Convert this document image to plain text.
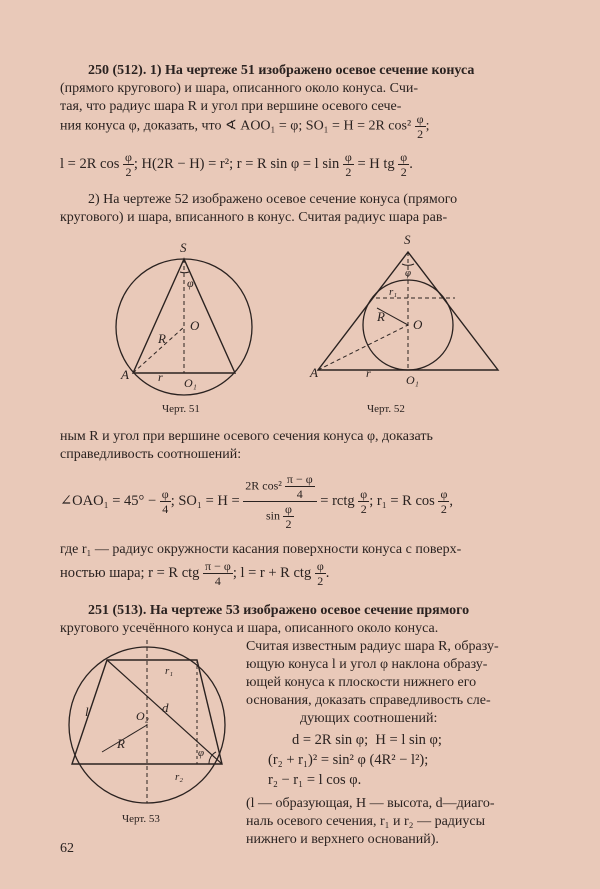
250 (512). 1) На чертеже 51 изображено осевое сечение конуса
(прямого кругового) и шара, описанного около конуса. Счи-
тая, что радиус шара R и угол при вершине осевого сече-
ния конуса φ, доказать, что ∢ AOO₁ = φ; SO₁ = H = 2R $\cos^2 \frac{\varphi}{2}$ ;
l = 2R $\cos \frac{\varphi}{2}$ ; H(2R − H) = r²; r = R sin φ = l $\sin \frac{\varphi}{2} = H$ tg $\frac{\varphi}{2}$ .
2) На чертеже 52 изображено осевое сечение конуса (прямого
кругового) и шара, вписанного в конус. Считая радиус шара рав-
S
φ
O
R
r
A
O₁
Черт. 51
S
φ
r₁
O
R
r
A	O₁
Черт. 52
ным R и угол при вершине осевого сечения конуса φ, доказать
справедливость соотношений:
∠OAO₁ = $45^\circ - \frac{\varphi}{4}$ ; $SO_1 = H = \frac{2R \cos^2 \frac{\pi - \varphi}{4}}{\sin \frac{\varphi}{2}}$ = rctg $\frac{\varphi}{2}$ ; r₁ = R $\cos \frac{\varphi}{2}$ ,
где r₁ — радиус окружности касания поверхности конуса с поверх-
ностью шара; r = R ctg $\frac{\pi - \varphi}{4}$ ; l = r + R ctg $\frac{\varphi}{2}$ .
251 (513). На чертеже 53 изображено осевое сечение прямого
кругового усечённого конуса и шара, описанного около конуса.
Считая известным радиус шара R, образу-
ющую конуса l и угол φ наклона образу-
ющей конуса к плоскости нижнего его
основания, доказать справедливость сле-
дующих соотношений:
d = 2R sin φ;  H = l sin φ;
(r₂ + r₁)² = sin² φ (4R² − l²);
r₂ − r₁ = l cos φ.
(l — образующая, H — высота, d—диаго-
наль осевого сечения, r₁ и r₂ — радиусы
нижнего и верхнего оснований).
l	O₂
d
R
φ
r₁
r₂
Черт. 53
62
